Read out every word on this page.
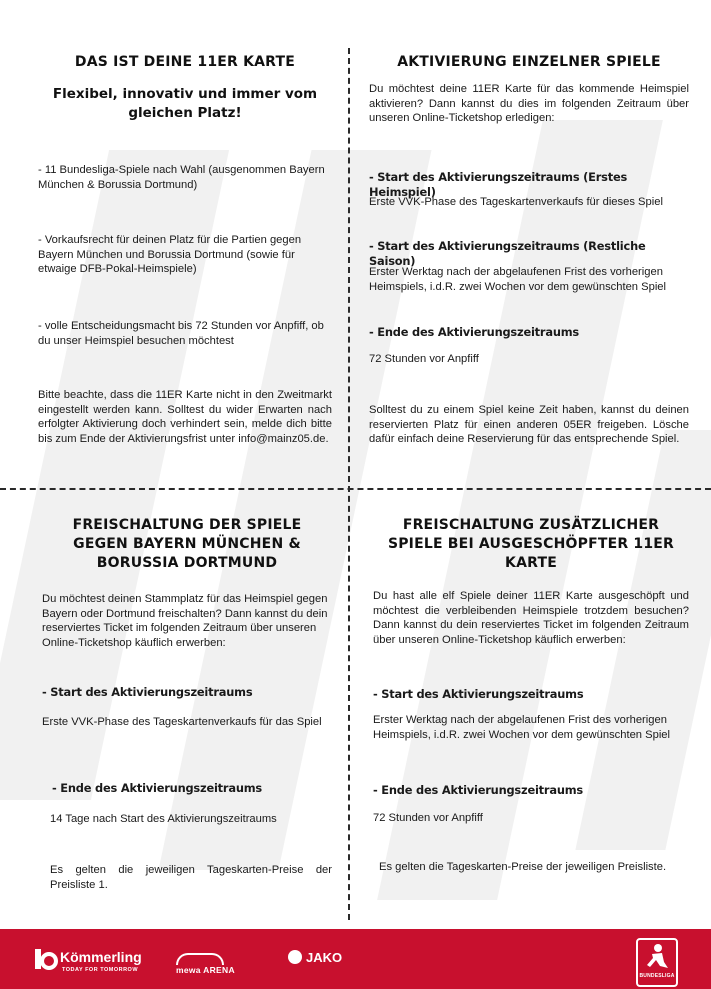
DAS IST DEINE 11ER KARTE
Flexibel, innovativ und immer vom
gleichen Platz!

- 11 Bundesliga-Spiele nach Wahl (ausgenommen Bayern München & Borussia Dortmund)

- Vorkaufsrecht für deinen Platz für die Partien gegen Bayern München und Borussia Dortmund (sowie für etwaige DFB-Pokal-Heimspiele)

- volle Entscheidungsmacht bis 72 Stunden vor Anpfiff, ob du unser Heimspiel besuchen möchtest

Bitte beachte, dass die 11ER Karte nicht in den Zweitmarkt eingestellt werden kann. Solltest du wider Erwarten nach erfolgter Aktivierung doch verhindert sein, melde dich bitte bis zum Ende der Aktivierungsfrist unter info@mainz05.de.

AKTIVIERUNG EINZELNER SPIELE

Du möchtest deine 11ER Karte für das kommende Heimspiel aktivieren? Dann kannst du dies im folgenden Zeitraum über unseren Online-Ticketshop erledigen:

- Start des Aktivierungszeitraums (Erstes Heimspiel)

Erste VVK-Phase des Tageskartenverkaufs für dieses Spiel

- Start des Aktivierungszeitraums (Restliche Saison)

Erster Werktag nach der abgelaufenen Frist des vorherigen Heimspiels, i.d.R. zwei Wochen vor dem gewünschten Spiel

- Ende des Aktivierungszeitraums

72 Stunden vor Anpfiff

Solltest du zu einem Spiel keine Zeit haben, kannst du deinen reservierten Platz für einen anderen 05ER freigeben. Lösche dafür einfach deine Reservierung für das entsprechende Spiel.

FREISCHALTUNG DER SPIELE
GEGEN BAYERN MÜNCHEN &
BORUSSIA DORTMUND

Du möchtest deinen Stammplatz für das Heimspiel gegen Bayern oder Dortmund freischalten? Dann kannst du dein reserviertes Ticket im folgenden Zeitraum über unseren Online-Ticketshop käuflich erwerben:

- Start des Aktivierungszeitraums

Erste VVK-Phase des Tageskartenverkaufs für das Spiel

- Ende des Aktivierungszeitraums

14 Tage nach Start des Aktivierungszeitraums

Es gelten die jeweiligen Tageskarten-Preise der Preisliste 1.

FREISCHALTUNG ZUSÄTZLICHER
SPIELE BEI AUSGESCHÖPFTER 11ER
KARTE

Du hast alle elf Spiele deiner 11ER Karte ausgeschöpft und möchtest die verbleibenden Heimspiele trotzdem besuchen? Dann kannst du dein reserviertes Ticket im folgenden Zeitraum über unseren Online-Ticketshop käuflich erwerben:

- Start des Aktivierungszeitraums

Erster Werktag nach der abgelaufenen Frist des vorherigen Heimspiels, i.d.R. zwei Wochen vor dem gewünschten Spiel

- Ende des Aktivierungszeitraums

72 Stunden vor Anpfiff

Es gelten die Tageskarten-Preise der jeweiligen Preisliste.

Kömmerling
TODAY FOR TOMORROW	mewa ARENA
JAKO
BUNDESLIGA
